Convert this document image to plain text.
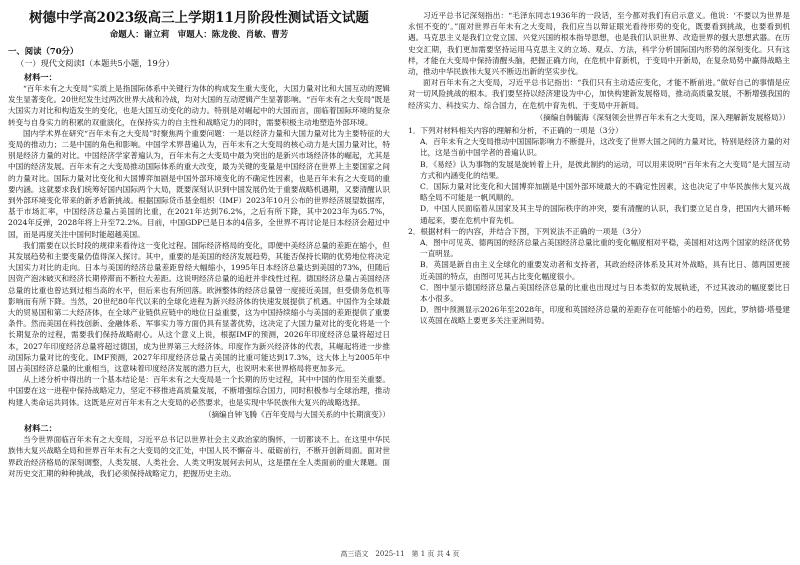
树德中学高2023级高三上学期11月阶段性测试语文试题
命题人：谢立莉　审题人：陈龙俊、肖敏、曹芳
一、阅读（70分）
（一）现代文阅读Ⅰ（本题共5小题，19分）
材料一：

“百年未有之大变局”实质上是指国际体系中关键行为体的构成发生重大变化，大国力量对比和大国互动的逻辑发生显著变化。20世纪发生过两次世界大战和冷战，均对大国的互动逻辑产生显著影响。“百年未有之大变局”既是大国实力对比和构造发生的变化，也是大国互动变化的动力。特别是对崛起中的大国而言，面临着国际环境的复杂转变与自身实力的积累的双重演化，在保持实力的自主性和战略定力的同时，需要积极主动地塑造外部环境。

国内学术界在研究“百年未有之大变局”时聚焦两个重要问题：一是以经济力量和大国力量对比为主要特征的大变局的推动力；二是中国的角色和影响。中国学术界普遍认为，百年未有之大变局的核心动力是大国力量对比，特别是经济力量的对比。中国经济学家普遍认为，百年未有之大变局中最为突出的是新兴市场经济体的崛起，尤其是中国的经济发展。百年未有之大变局推动国际体系的重大改变，最为关键的变量是中国经济在世界上主要国家之间的力量对比。国际力量对比变化和大国博弈加剧是中国外部环境变化的不确定性因素，也是百年未有之大变局的重要内涵。这就要求我们统筹好国内国际两个大局，既要深刻认识到中国发展仍处于重要战略机遇期，又要清醒认识到外部环境变化带来的新矛盾新挑战。根据国际货币基金组织（IMF）2023年10月公布的世界经济展望数据库，基于市场汇率，中国经济总量占美国的比重，在2021年达到76.2%，之后有所下降，其中2023年为65.7%，2024年反弹，2028年将上升至72.2%。目前，中国GDP已是日本的4倍多，全世界不再讨论是日本经济会超过中国，而是再度关注中国何时能超越美国。

我们需要在以长时段的规律来看待这一变化过程。国际经济格局的变化，即便中美经济总量的差距在缩小，但其发展趋势和主要变量仍值得深入探讨。其中，重要的是美国的经济发展趋势，其能否保持长期的优势地位将决定大国实力对比的走向。日本与美国的经济总量差距曾经大幅缩小，1995年日本经济总量达到美国的73%，但随后因资产泡沫破灭和经济长期停滞而不断拉大差距。这说明经济总量的追赶并非线性过程。德国经济总量占美国经济总量的比重也曾达到过相当高的水平，但后来也有所回落。欧洲整体的经济总量曾一度接近美国，但受债务危机等影响而有所下降。当然，20世纪80年代以来的全球化进程为新兴经济体的快速发展提供了机遇。中国作为全球最大的贸易国和第二大经济体，在全球产业链供应链中的地位日益重要，这为中国持续缩小与美国的差距提供了重要条件。然而美国在科技创新、金融体系、军事实力等方面仍具有显著优势，这决定了大国力量对比的变化将是一个长期复杂的过程，需要我们保持战略耐心。从这个意义上说，根据IMF的预测，2026年印度经济总量将超过日本，2027年印度经济总量将超过德国，成为世界第三大经济体。印度作为新兴经济体的代表，其崛起将进一步推动国际力量对比的变化。IMF预测，2027年印度经济总量占美国的比重可能达到17.3%，这大体上与2005年中国占美国经济总量的比重相当，这意味着印度经济发展的潜力巨大，也说明未来世界格局将更加多元。

从上述分析中得出的一个基本结论是：百年未有之大变局是一个长期的历史过程，其中中国的作用至关重要。中国要在这一进程中保持战略定力，坚定不移推进高质量发展，不断增强综合国力，同时积极参与全球治理，推动构建人类命运共同体。这既是应对百年未有之大变局的必然要求，也是实现中华民族伟大复兴的战略选择。

（摘编自钟飞腾《百年变局与大国关系的中长期演变》）
材料二：

当今世界面临百年未有之大变局，习近平总书记以世界社会主义政治家的胸怀，一切都谈不上。在这里中华民族伟大复兴战略全局和世界百年未有之大变局的交汇处，中国人民不懈奋斗、砥砺前行，不断开创新局面。面对世界政治经济格局的深刻调整，人类发展、人类社会、人类文明发展何去何从，这是摆在全人类面前的重大课题。面对历史交汇期的种种挑战，我们必须保持战略定力，把握历史主动。

习近平总书记深刻指出：“毛泽东同志1936年的一段话，至今都对我们有启示意义。他说：‘不要以为世界是永恒不变的’。”面对世界百年未有之大变局，我们应当以辩证眼光看待形势的变化，既要看到挑战，也要看到机遇。马克思主义是我们立党立国、兴党兴国的根本指导思想，也是我们认识世界、改造世界的强大思想武器。在历史交汇期，我们更加需要坚持运用马克思主义的立场、观点、方法，科学分析国际国内形势的深刻变化。只有这样，才能在大变局中保持清醒头脑，把握正确方向，在危机中育新机，于变局中开新局，在复杂局势中赢得战略主动，推动中华民族伟大复兴不断迈出新的坚实步伐。

面对百年未有之大变局，习近平总书记指出：“我们只有主动适应变化，才能不断前进。”做好自己的事情是应对一切风险挑战的根本。我们要坚持以经济建设为中心，加快构建新发展格局，推动高质量发展，不断增强我国的经济实力、科技实力、综合国力，在危机中育先机、于变局中开新局。

（摘编自韩毓海《深刻领会世界百年未有之大变局，深入理解新发展格局》）

1．下列对材料相关内容的理解和分析，不正确的一项是（3分）

A．百年未有之大变局推动中国国际影响力不断提升，这改变了世界大国之间的力量对比，特别是经济力量的对比，这是当前中国学者的普遍认识。

B．《易经》认为事物的发展是旋转着上升，是彼此制约的运动，可以用来说明“百年未有之大变局”是大国互动方式和内涵变化的结果。

C．国际力量对比变化和大国博弈加剧是中国外部环境最大的不确定性因素，这也决定了中华民族伟大复兴战略全局不可能是一帆风顺的。

D．中国人民面临着从国家及其主导的国际秩序的冲突，要有清醒的认识，我们要立足自身，把国内大循环畅通起来，要在危机中育先机。

2．根据材料一的内容，并结合下图，下列说法不正确的一项是（3分）

A．图中可见英、德两国的经济总量占美国经济总量比重的变化幅度相对平稳，美国相对这两个国家的经济优势一直明显。

B．英国是新自由主义全球化的重要发动者和支持者，其政治经济体系及其对外战略，具有比日、德两国更接近美国的特点，由图可见其占比变化幅度很小。

C．图中显示德国经济总量占美国经济总量的比重也出现过与日本类似的发展轨迹，不过其波动的幅度要比日本小很多。

D．图中预测显示2026年至2028年，印度和英国经济总量的差距存在可能缩小的趋势，因此，罗纳德·塔曼建议英国在战略上要更多关注亚洲局势。

高三语文　2025-11　第 1 页 共 4 页
